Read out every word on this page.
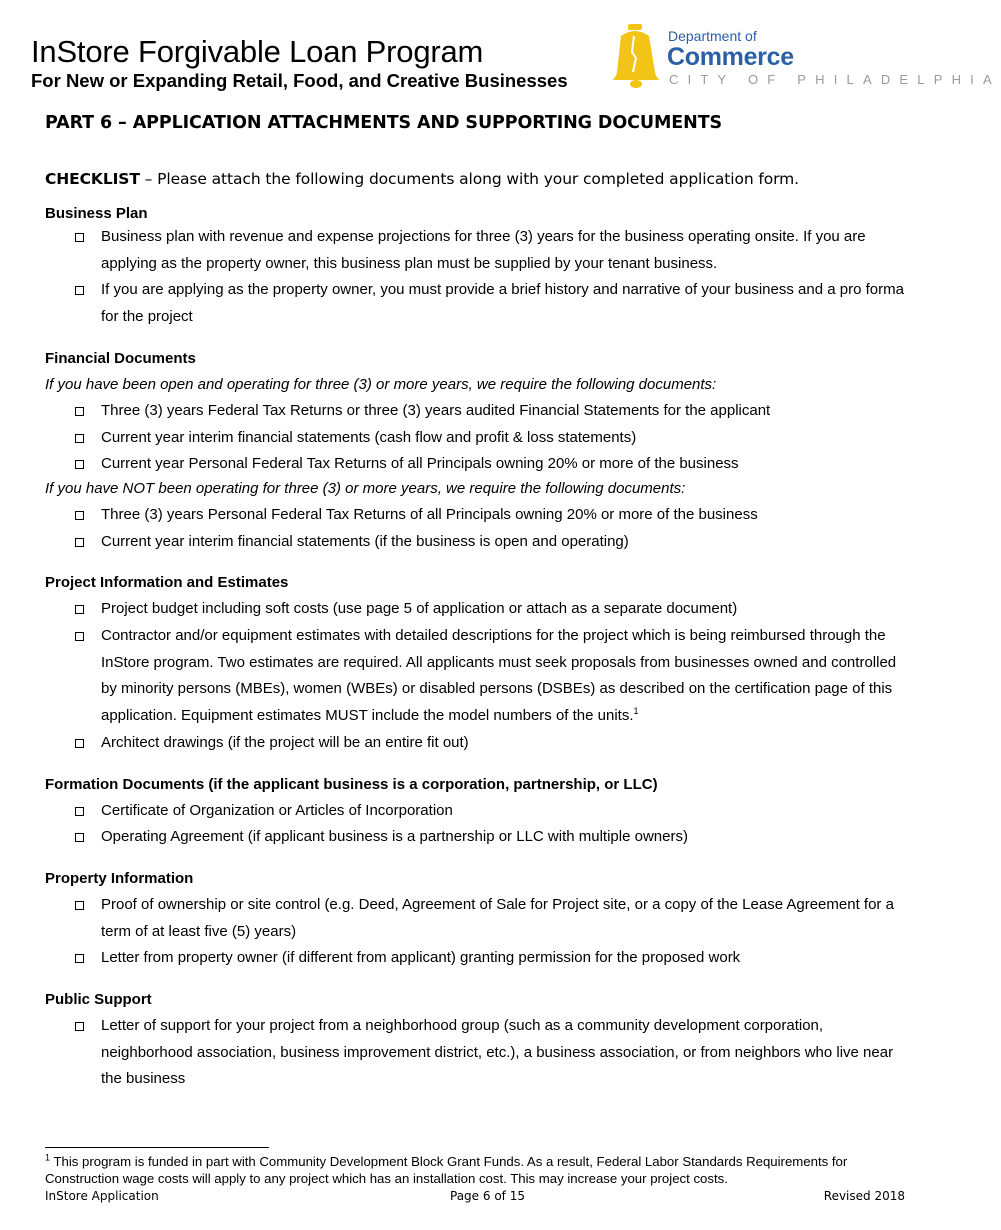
InStore Forgivable Loan Program

For New or Expanding Retail, Food, and Creative Businesses

Department of
Commerce
CITY OF PHILADELPHIA
PART 6 – APPLICATION ATTACHMENTS AND SUPPORTING DOCUMENTS
CHECKLIST – Please attach the following documents along with your completed application form.
Business Plan
Business plan with revenue and expense projections for three (3) years for the business operating onsite. If you are applying as the property owner, this business plan must be supplied by your tenant business.
If you are applying as the property owner, you must provide a brief history and narrative of your business and a pro forma for the project
Financial Documents
If you have been open and operating for three (3) or more years, we require the following documents:
Three (3) years Federal Tax Returns or three (3) years audited Financial Statements for the applicant
Current year interim financial statements (cash flow and profit & loss statements)
Current year Personal Federal Tax Returns of all Principals owning 20% or more of the business
If you have NOT been operating for three (3) or more years, we require the following documents:
Three (3) years Personal Federal Tax Returns of all Principals owning 20% or more of the business
Current year interim financial statements (if the business is open and operating)
Project Information and Estimates
Project budget including soft costs (use page 5 of application or attach as a separate document)
Contractor and/or equipment estimates with detailed descriptions for the project which is being reimbursed through the InStore program. Two estimates are required. All applicants must seek proposals from businesses owned and controlled by minority persons (MBEs), women (WBEs) or disabled persons (DSBEs) as described on the certification page of this application. Equipment estimates MUST include the model numbers of the units.$^1$
Architect drawings (if the project will be an entire fit out)
Formation Documents (if the applicant business is a corporation, partnership, or LLC)
Certificate of Organization or Articles of Incorporation
Operating Agreement (if applicant business is a partnership or LLC with multiple owners)
Property Information
Proof of ownership or site control (e.g. Deed, Agreement of Sale for Project site, or a copy of the Lease Agreement for a term of at least five (5) years)
Letter from property owner (if different from applicant) granting permission for the proposed work
Public Support
Letter of support for your project from a neighborhood group (such as a community development corporation, neighborhood association, business improvement district, etc.), a business association, or from neighbors who live near the business
$^1$ This program is funded in part with Community Development Block Grant Funds. As a result, Federal Labor Standards Requirements for Construction wage costs will apply to any project which has an installation cost. This may increase your project costs.
InStore Application	Page 6 of 15	Revised 2018
